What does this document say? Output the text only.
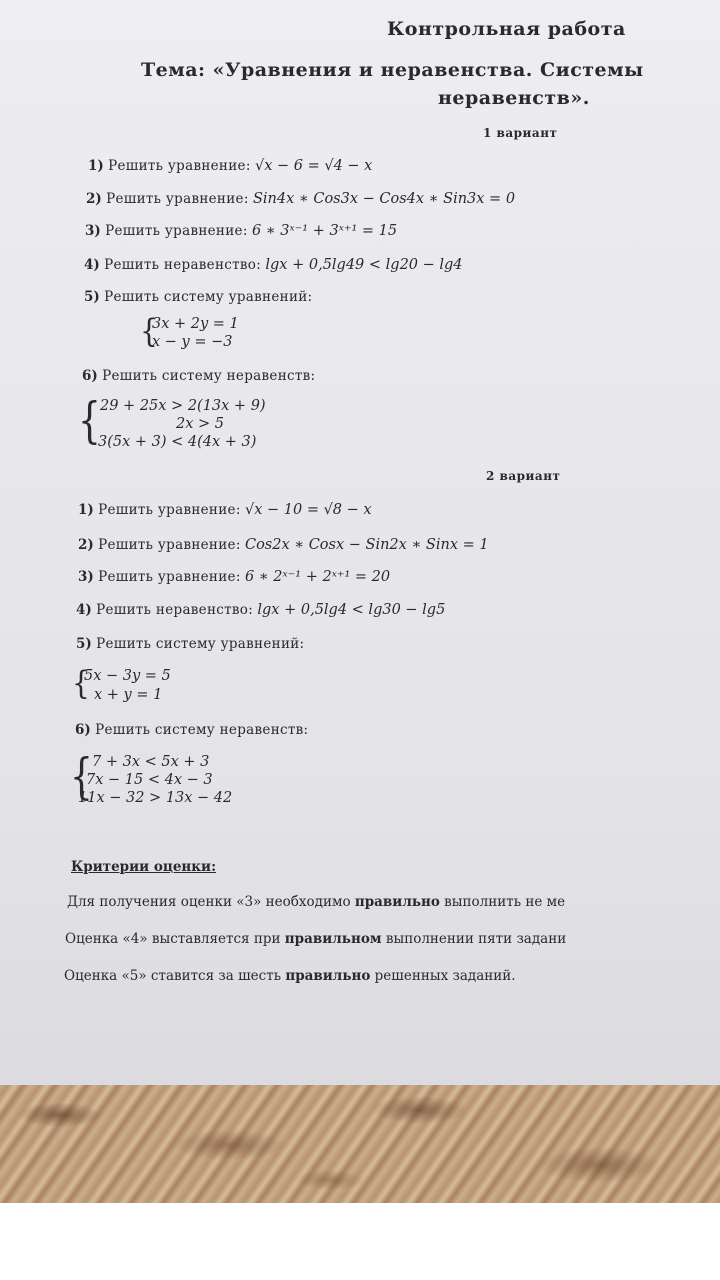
Контрольная работа
Тема: «Уравнения и неравенства. Системы
неравенств».
1 вариант
1) Решить уравнение: √x − 6 = √4 − x
2) Решить уравнение: Sin4x ∗ Cos3x − Cos4x ∗ Sin3x = 0
3) Решить уравнение: 6 ∗ 3ˣ⁻¹ + 3ˣ⁺¹ = 15
4) Решить неравенство: lgx + 0,5lg49 < lg20 − lg4
5) Решить систему уравнений:
{
3x + 2y = 1
x − y = −3
6) Решить систему неравенств:
{ 29 + 25x > 2(13x + 9)
2x > 5
3(5x + 3) < 4(4x + 3)
2 вариант
1) Решить уравнение: √x − 10 = √8 − x
2) Решить уравнение: Cos2x ∗ Cosx − Sin2x ∗ Sinx = 1
3) Решить уравнение: 6 ∗ 2ˣ⁻¹ + 2ˣ⁺¹ = 20
4) Решить неравенство: lgx + 0,5lg4 < lg30 − lg5
5) Решить систему уравнений:
{
5x − 3y = 5
x + y = 1
6) Решить систему неравенств:
{ 7 + 3x < 5x + 3
7x − 15 < 4x − 3
11x − 32 > 13x − 42
Критерии оценки:
Для получения оценки «3» необходимо правильно выполнить не ме
Оценка «4» выставляется при правильном выполнении пяти задани
Оценка «5» ставится за шесть правильно решенных заданий.
